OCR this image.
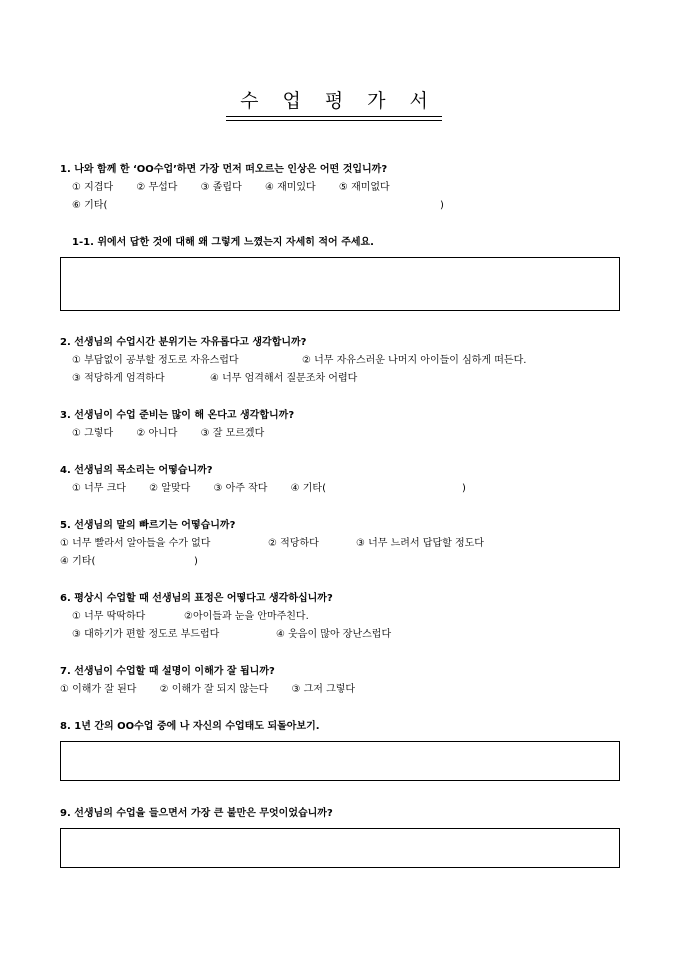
수업평가서
1. 나와 함께 한 ‘OO수업’하면 가장 먼저 떠오르는 인상은 어떤 것입니까?
① 지겹다 ② 무섭다 ③ 졸립다 ④ 재미있다 ⑤ 재미없다
⑥ 기타(	)
1-1. 위에서 답한 것에 대해 왜 그렇게 느꼈는지 자세히 적어 주세요.
2. 선생님의 수업시간 분위기는 자유롭다고 생각합니까?
① 부담없이 공부할 정도로 자유스럽다	② 너무 자유스러운 나머지 아이들이 심하게 떠든다.
③ 적당하게 엄격하다	④ 너무 엄격해서 질문조차 어렵다
3. 선생님이 수업 준비는 많이 해 온다고 생각합니까?
① 그렇다 ② 아니다 ③ 잘 모르겠다
4. 선생님의 목소리는 어떻습니까?
① 너무 크다 ② 알맞다 ③ 아주 작다 ④ 기타(	)
5. 선생님의 말의 빠르기는 어떻습니까?
① 너무 빨라서 알아들을 수가 없다	② 적당하다	③ 너무 느려서 답답할 정도다
④ 기타(	)
6. 평상시 수업할 때 선생님의 표정은 어떻다고 생각하십니까?
① 너무 딱딱하다	②아이들과 눈을 안마주친다.
③ 대하기가 편할 정도로 부드럽다	④ 웃음이 많아 장난스럽다
7. 선생님이 수업할 때 설명이 이해가 잘 됩니까?
① 이해가 잘 된다 ② 이해가 잘 되지 않는다 ③ 그저 그렇다
8. 1년 간의 OO수업 중에 나 자신의 수업태도 되돌아보기.
9. 선생님의 수업을 들으면서 가장 큰 불만은 무엇이었습니까?
